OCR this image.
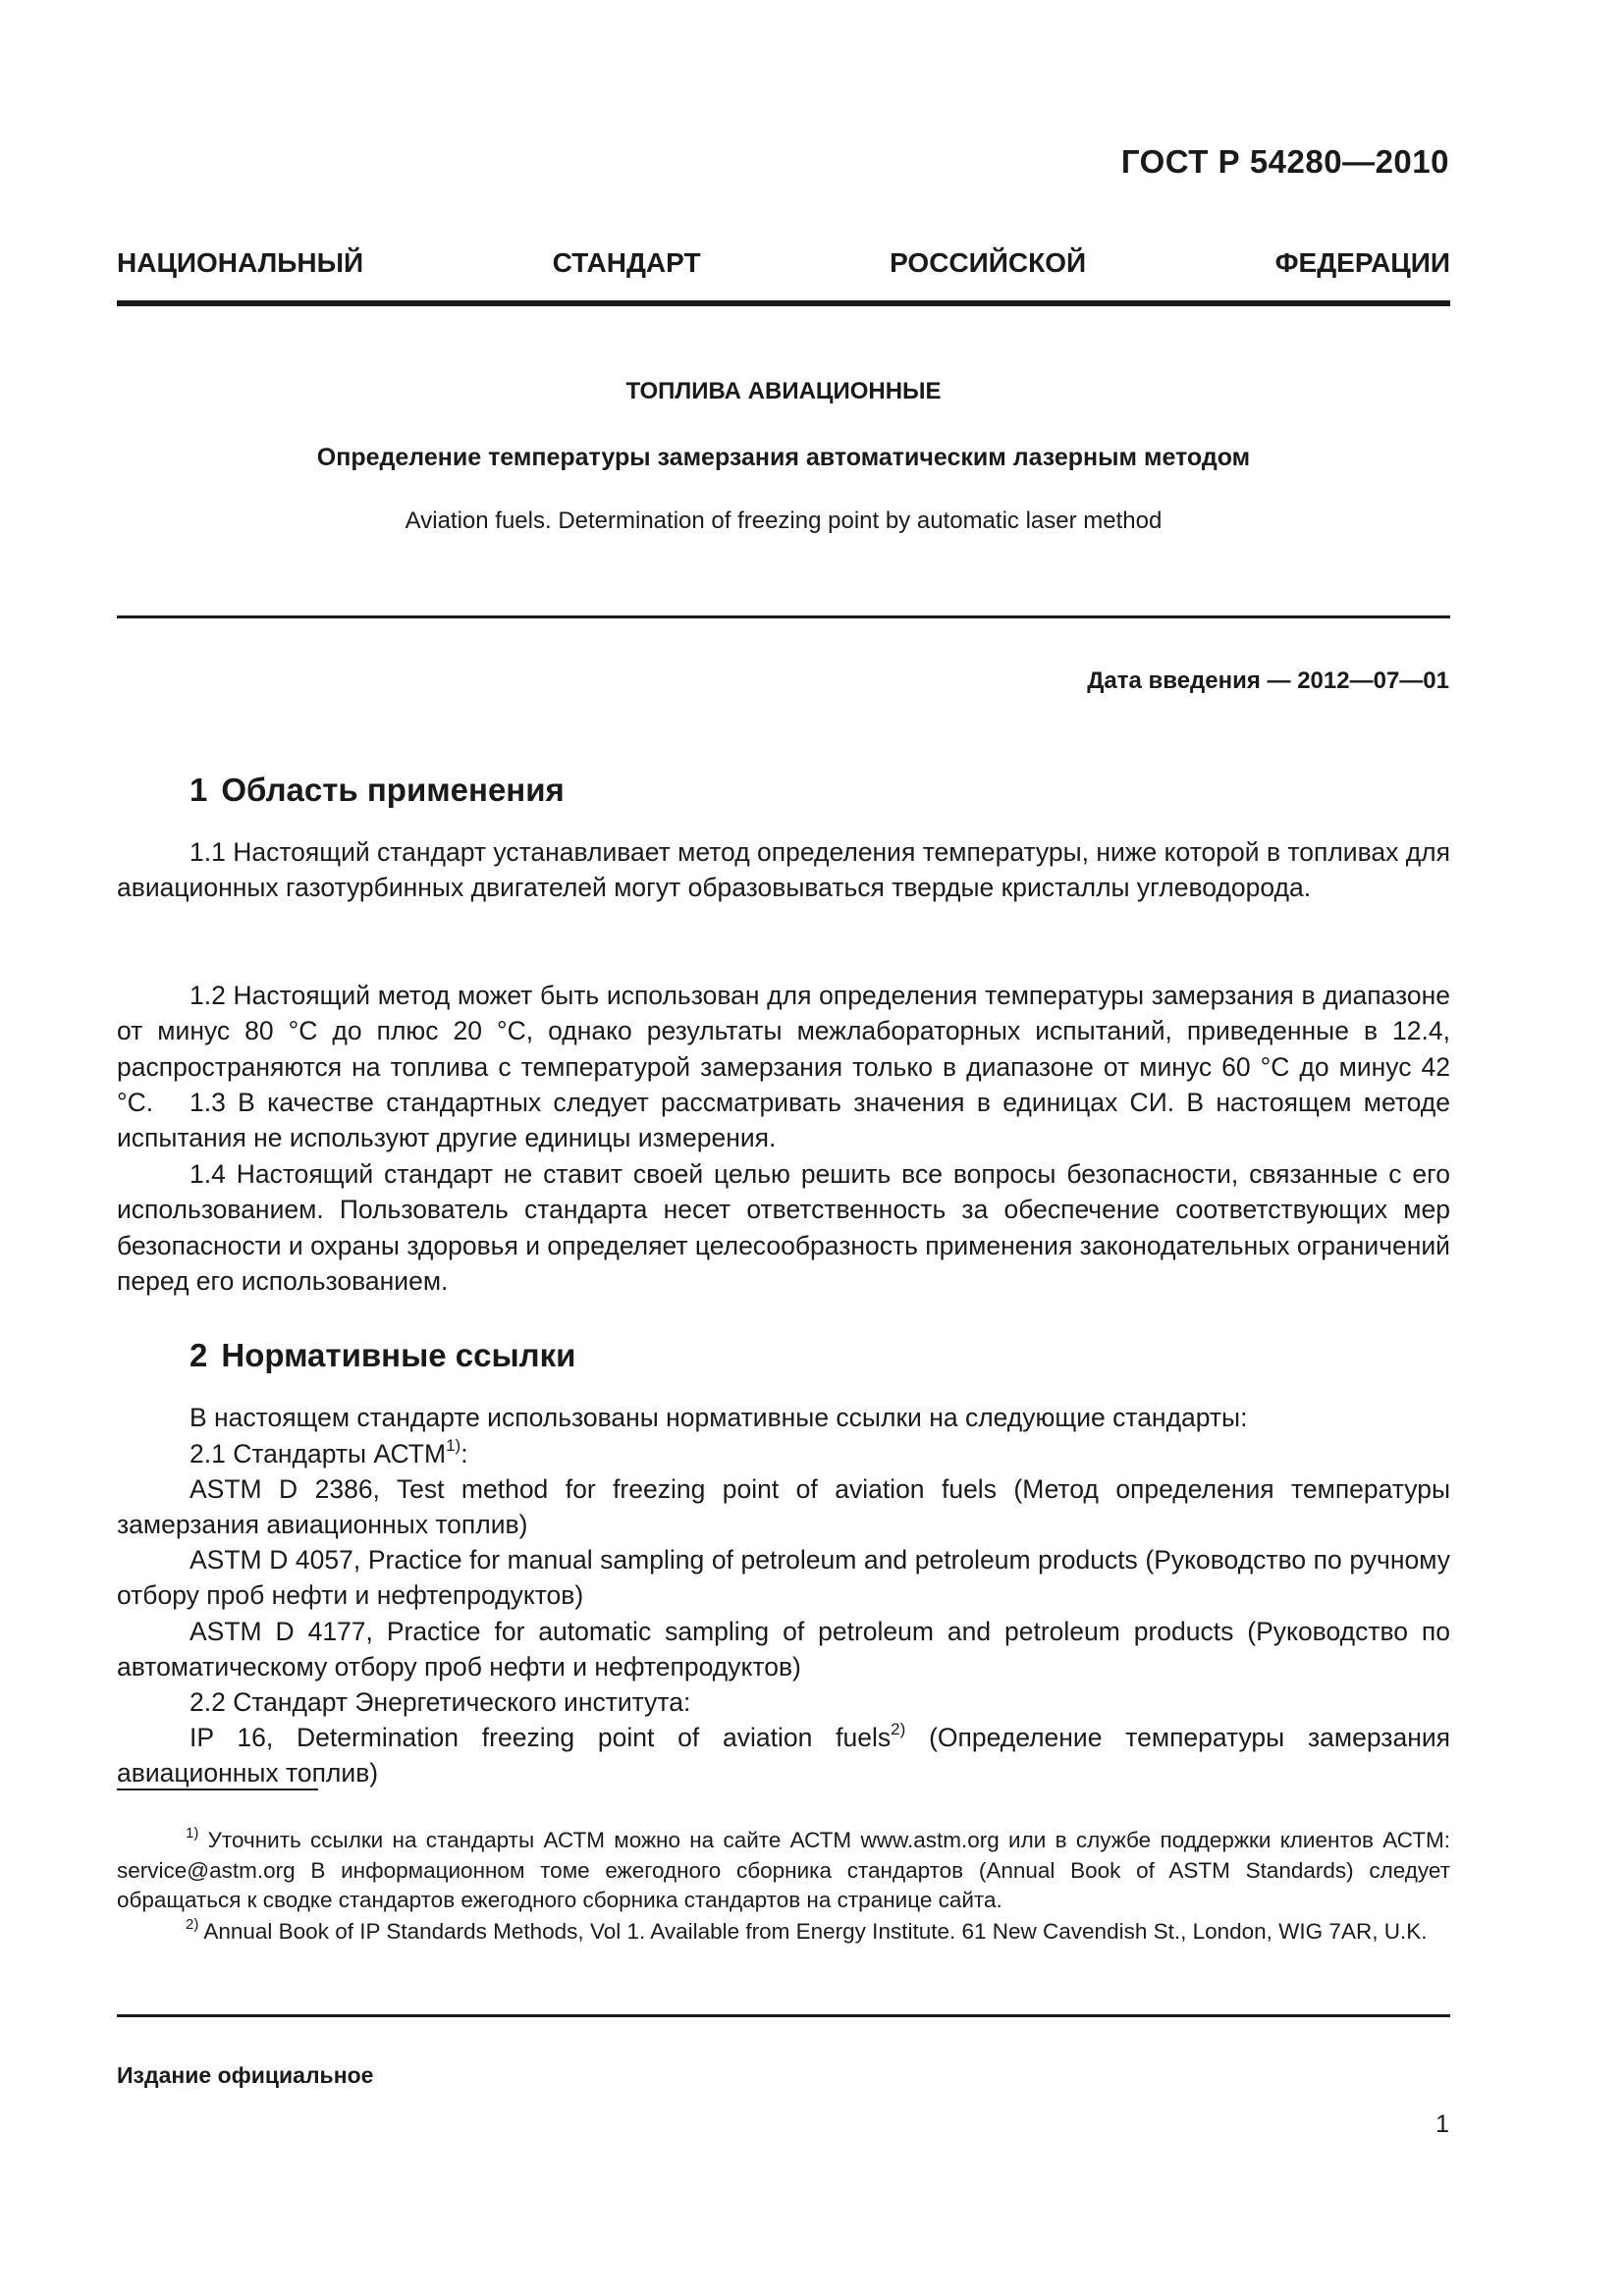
ГОСТ Р 54280—2010
НАЦИОНАЛЬНЫЙ СТАНДАРТ РОССИЙСКОЙ ФЕДЕРАЦИИ
ТОПЛИВА АВИАЦИОННЫЕ
Определение температуры замерзания автоматическим лазерным методом
Aviation fuels. Determination of freezing point by automatic laser method
Дата введения — 2012—07—01
1 Область применения

1.1 Настоящий стандарт устанавливает метод определения температуры, ниже которой в топливах для авиационных газотурбинных двигателей могут образовываться твердые кристаллы углеводорода.

1.2 Настоящий метод может быть использован для определения температуры замерзания в диапазоне от минус 80 °С до плюс 20 °С, однако результаты межлабораторных испытаний, приведенные в 12.4, распространяются на топлива с температурой замерзания только в диапазоне от минус 60 °С до минус 42 °С.	1.3 В качестве стандартных следует рассматривать значения в единицах СИ. В настоящем методе испытания не используют другие единицы измерения.

1.4 Настоящий стандарт не ставит своей целью решить все вопросы безопасности, связанные с его использованием. Пользователь стандарта несет ответственность за обеспечение соответствующих мер безопасности и охраны здоровья и определяет целесообразность применения законодательных ограничений перед его использованием.

2 Нормативные ссылки

В настоящем стандарте использованы нормативные ссылки на следующие стандарты:

2.1 Стандарты АСТМ$^{1)}$:

ASTM D 2386, Test method for freezing point of aviation fuels (Метод определения температуры замерзания авиационных топлив)

ASTM D 4057, Practice for manual sampling of petroleum and petroleum products (Руководство по ручному отбору проб нефти и нефтепродуктов)

ASTM D 4177, Practice for automatic sampling of petroleum and petroleum products (Руководство по автоматическому отбору проб нефти и нефтепродуктов)

2.2 Стандарт Энергетического института:

IP 16, Determination freezing point of aviation fuels$^{2)}$ (Определение температуры замерзания авиационных топлив)

$^{1)}$ Уточнить ссылки на стандарты АСТМ можно на сайте АСТМ www.astm.org или в службе поддержки клиентов АСТМ: service@astm.org В информационном томе ежегодного сборника стандартов (Annual Book of ASTM Standards) следует обращаться к сводке стандартов ежегодного сборника стандартов на странице сайта.

$^{2)}$ Annual Book of IP Standards Methods, Vol 1. Available from Energy Institute. 61 New Cavendish St., London, WIG 7AR, U.K.

Издание официальное
1
